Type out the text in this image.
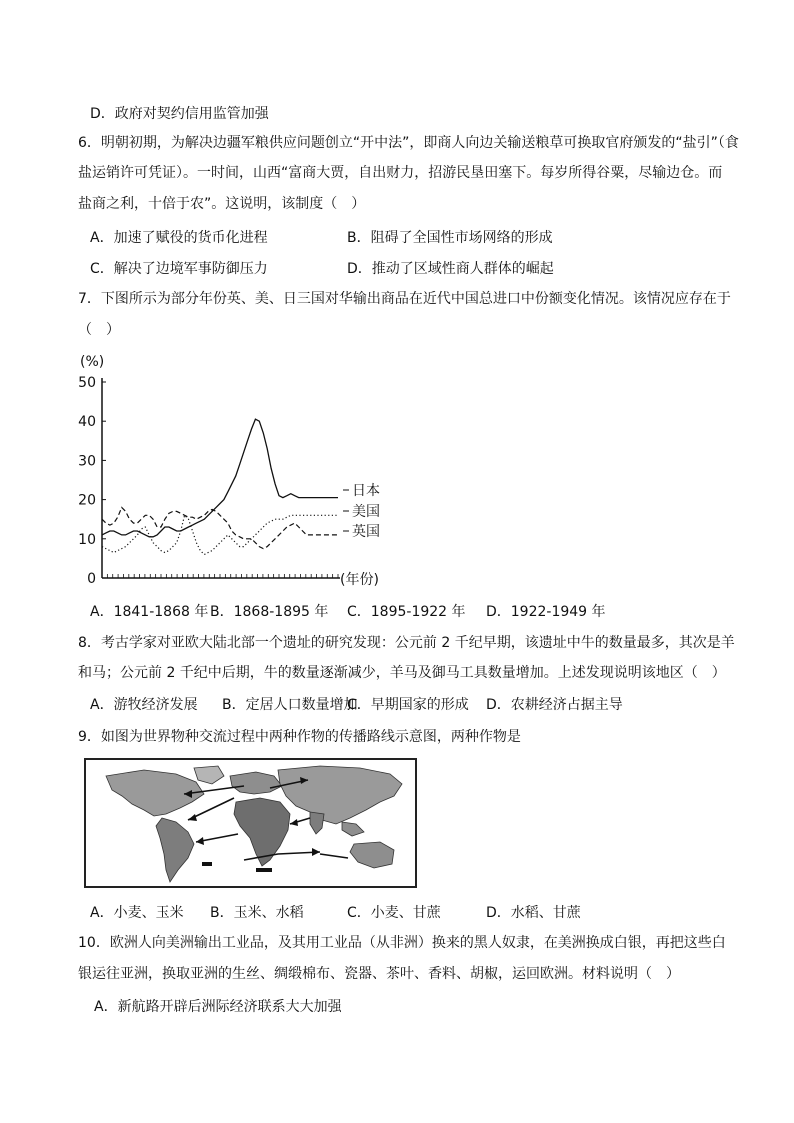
D．政府对契约信用监管加强
6．明朝初期，为解决边疆军粮供应问题创立“开中法”，即商人向边关输送粮草可换取官府颁发的“盐引”（食
盐运销许可凭证）。一时间，山西“富商大贾，自出财力，招游民垦田塞下。每岁所得谷粟，尽输边仓。而
盐商之利，十倍于农”。这说明，该制度（　）
A．加速了赋役的货币化进程	B．阻碍了全国性市场网络的形成
C．解决了边境军事防御压力	D．推动了区域性商人群体的崛起
7．下图所示为部分年份英、美、日三国对华输出商品在近代中国总进口中份额变化情况。该情况应存在于
（　）
0
10
20
30
40
50
(%)
(年份)
日本
美国
英国
A．1841-1868 年 B．1868-1895 年 C．1895-1922 年 D．1922-1949 年
8．考古学家对亚欧大陆北部一个遗址的研究发现：公元前 2 千纪早期，该遗址中牛的数量最多，其次是羊
和马；公元前 2 千纪中后期，牛的数量逐渐减少，羊马及御马工具数量增加。上述发现说明该地区（　）
A．游牧经济发展 B．定居人口数量增加
C．早期国家的形成 D．农耕经济占据主导
9．如图为世界物种交流过程中两种作物的传播路线示意图，两种作物是
A．小麦、玉米 B．玉米、水稻	C．小麦、甘蔗	D．水稻、甘蔗
10．欧洲人向美洲输出工业品，及其用工业品（从非洲）换来的黑人奴隶，在美洲换成白银，再把这些白
银运往亚洲，换取亚洲的生丝、绸缎棉布、瓷器、茶叶、香料、胡椒，运回欧洲。材料说明（　）
A．新航路开辟后洲际经济联系大大加强
